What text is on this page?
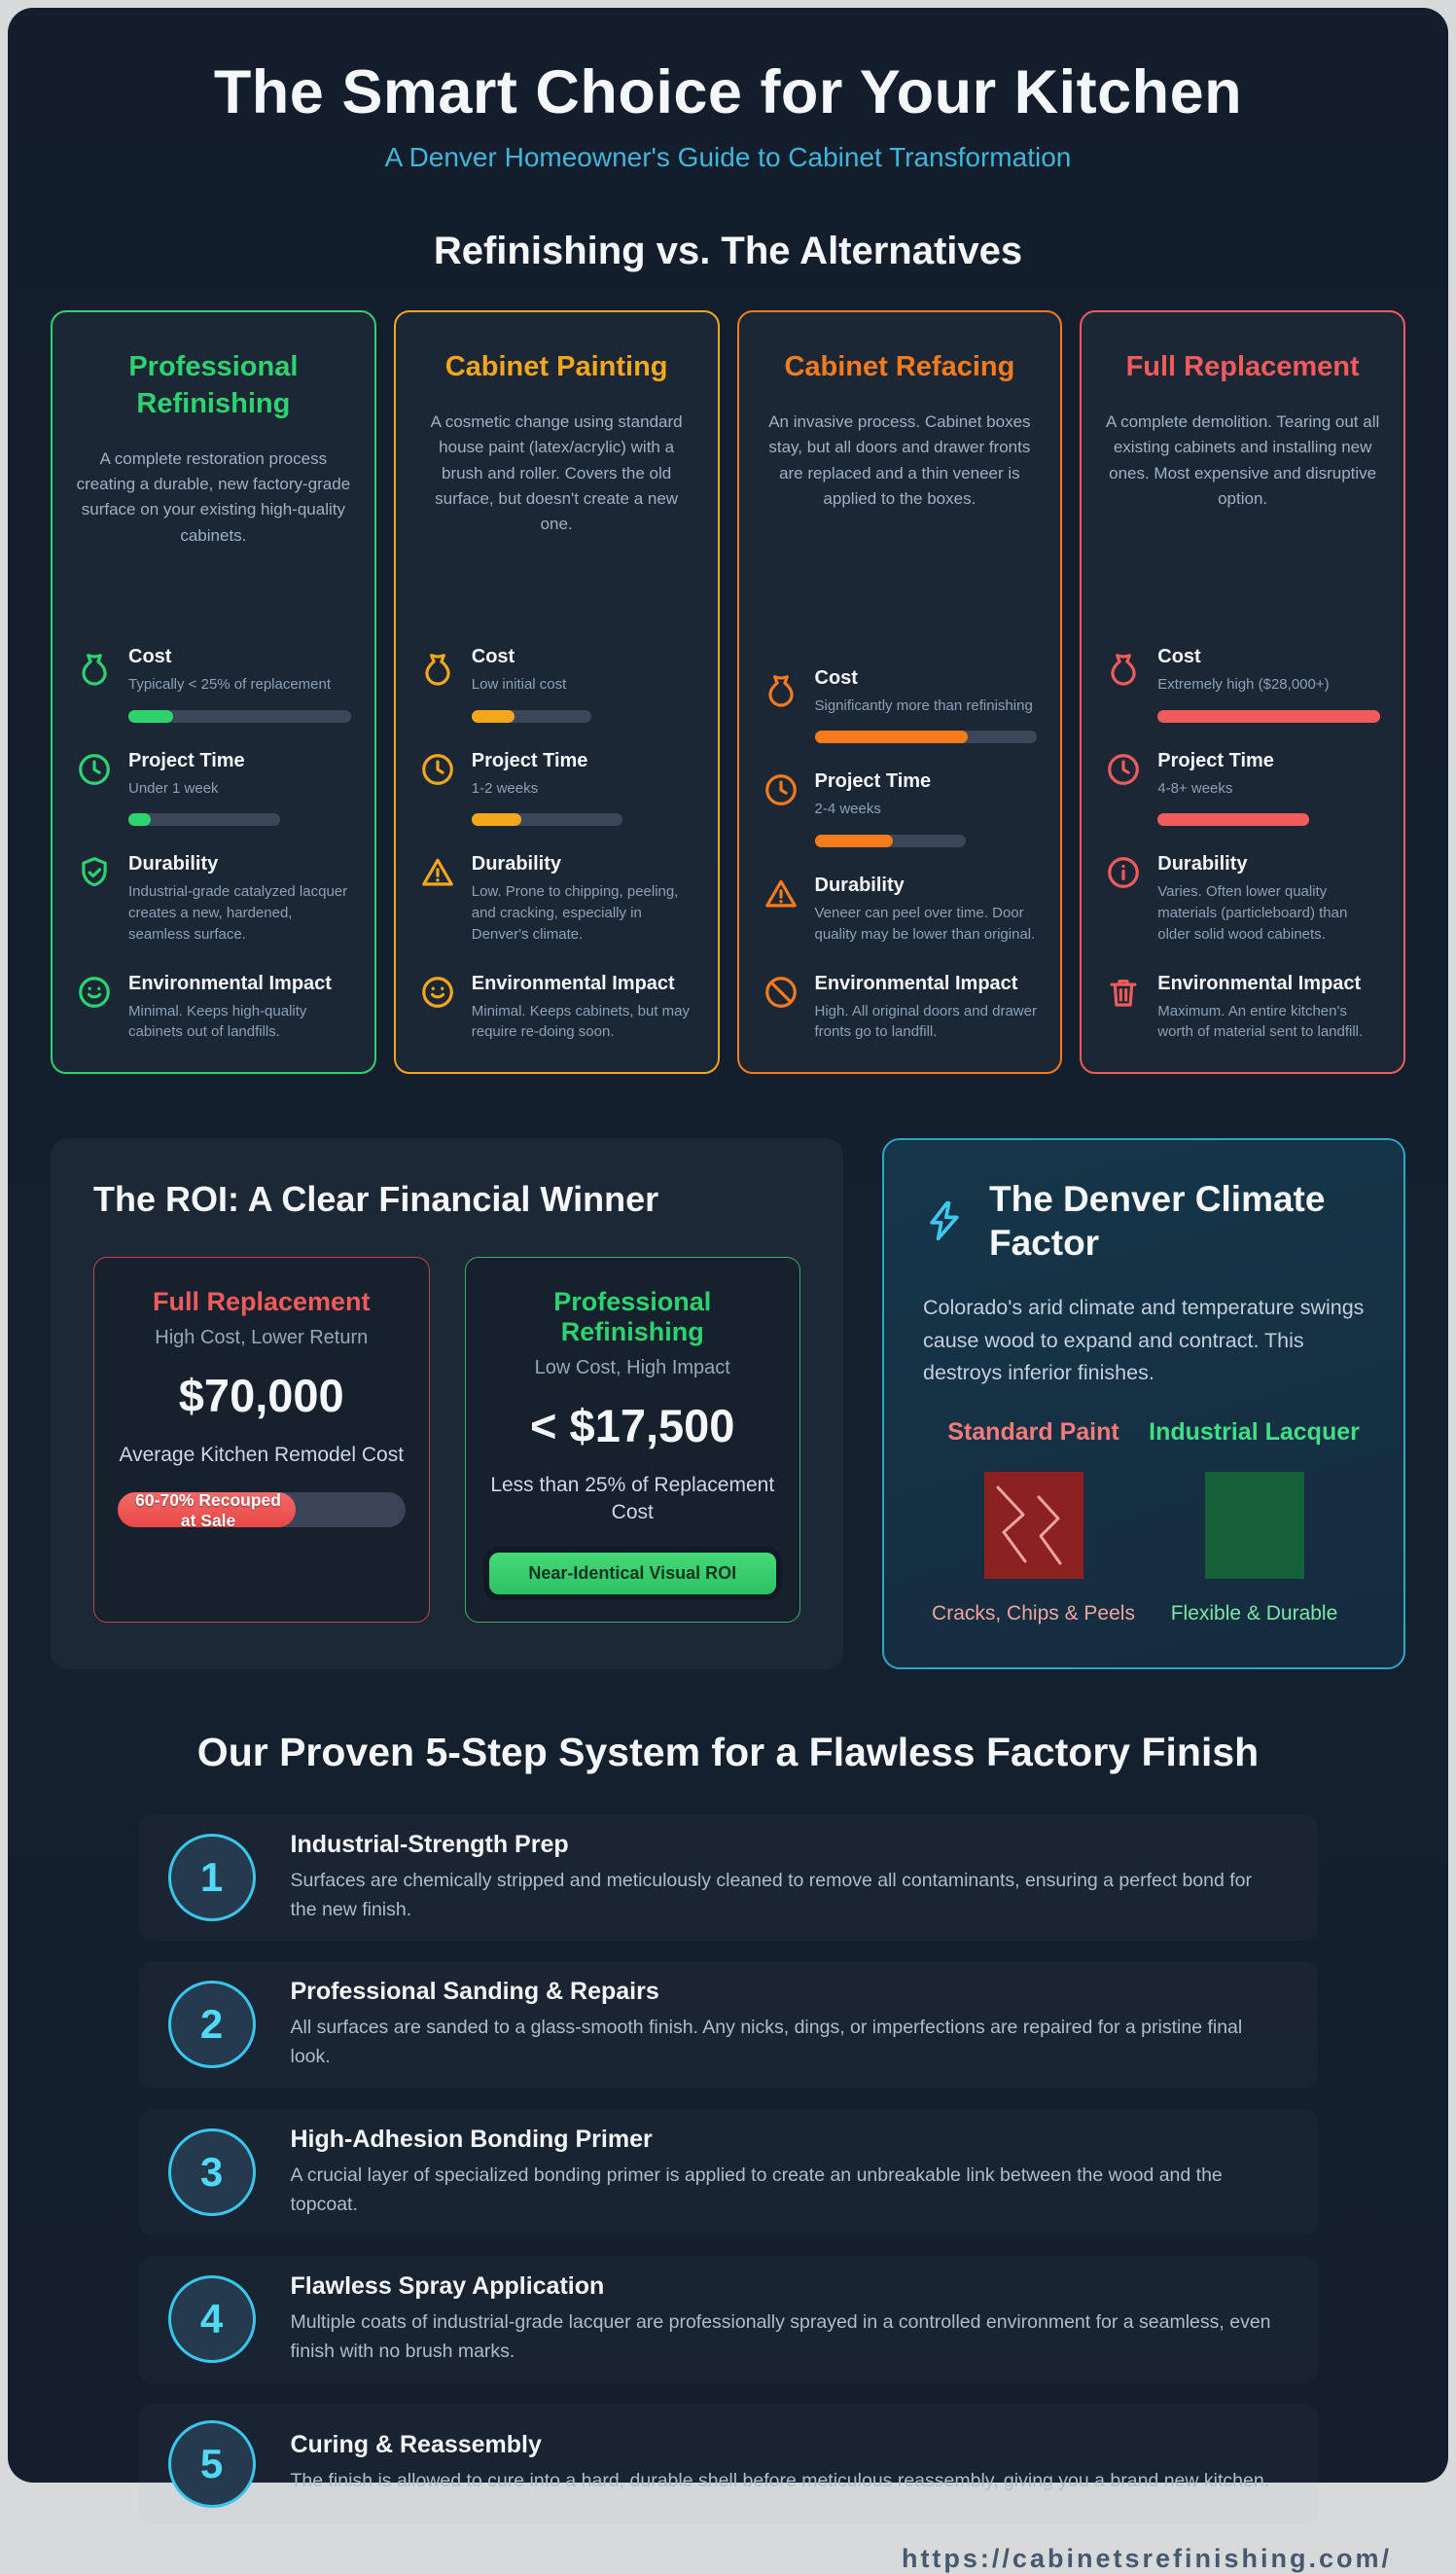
The Smart Choice for Your Kitchen
A Denver Homeowner's Guide to Cabinet Transformation
Refinishing vs. The Alternatives
Professional Refinishing
A complete restoration process creating a durable, new factory-grade surface on your existing high-quality cabinets.
Cost
Typically < 25% of replacement
Project Time
Under 1 week
Durability
Industrial-grade catalyzed lacquer creates a new, hardened, seamless surface.
Environmental Impact
Minimal. Keeps high-quality cabinets out of landfills.
Cabinet Painting
A cosmetic change using standard house paint (latex/acrylic) with a brush and roller. Covers the old surface, but doesn't create a new one.
Cost
Low initial cost
Project Time
1-2 weeks
Durability
Low. Prone to chipping, peeling, and cracking, especially in Denver's climate.
Environmental Impact
Minimal. Keeps cabinets, but may require re-doing soon.
Cabinet Refacing
An invasive process. Cabinet boxes stay, but all doors and drawer fronts are replaced and a thin veneer is applied to the boxes.
Cost
Significantly more than refinishing
Project Time
2-4 weeks
Durability
Veneer can peel over time. Door quality may be lower than original.
Environmental Impact
High. All original doors and drawer fronts go to landfill.
Full Replacement
A complete demolition. Tearing out all existing cabinets and installing new ones. Most expensive and disruptive option.
Cost
Extremely high ($28,000+)
Project Time
4-8+ weeks
Durability
Varies. Often lower quality materials (particleboard) than older solid wood cabinets.
Environmental Impact
Maximum. An entire kitchen's worth of material sent to landfill.
The ROI: A Clear Financial Winner
Full Replacement
High Cost, Lower Return
$70,000
Average Kitchen Remodel Cost
60-70% Recouped at Sale
Professional Refinishing
Low Cost, High Impact
< $17,500
Less than 25% of Replacement Cost
Near-Identical Visual ROI
The Denver Climate Factor
Colorado's arid climate and temperature swings cause wood to expand and contract. This destroys inferior finishes.
Standard Paint
Cracks, Chips & Peels
Industrial Lacquer
Flexible & Durable
Our Proven 5-Step System for a Flawless Factory Finish
1
Industrial-Strength Prep
Surfaces are chemically stripped and meticulously cleaned to remove all contaminants, ensuring a perfect bond for the new finish.
2
Professional Sanding & Repairs
All surfaces are sanded to a glass-smooth finish. Any nicks, dings, or imperfections are repaired for a pristine final look.
3
High-Adhesion Bonding Primer
A crucial layer of specialized bonding primer is applied to create an unbreakable link between the wood and the topcoat.
4
Flawless Spray Application
Multiple coats of industrial-grade lacquer are professionally sprayed in a controlled environment for a seamless, even finish with no brush marks.
5	Curing & Reassembly
The finish is allowed to cure into a hard, durable shell before meticulous reassembly, giving you a brand new kitchen.
https://cabinetsrefinishing.com/
